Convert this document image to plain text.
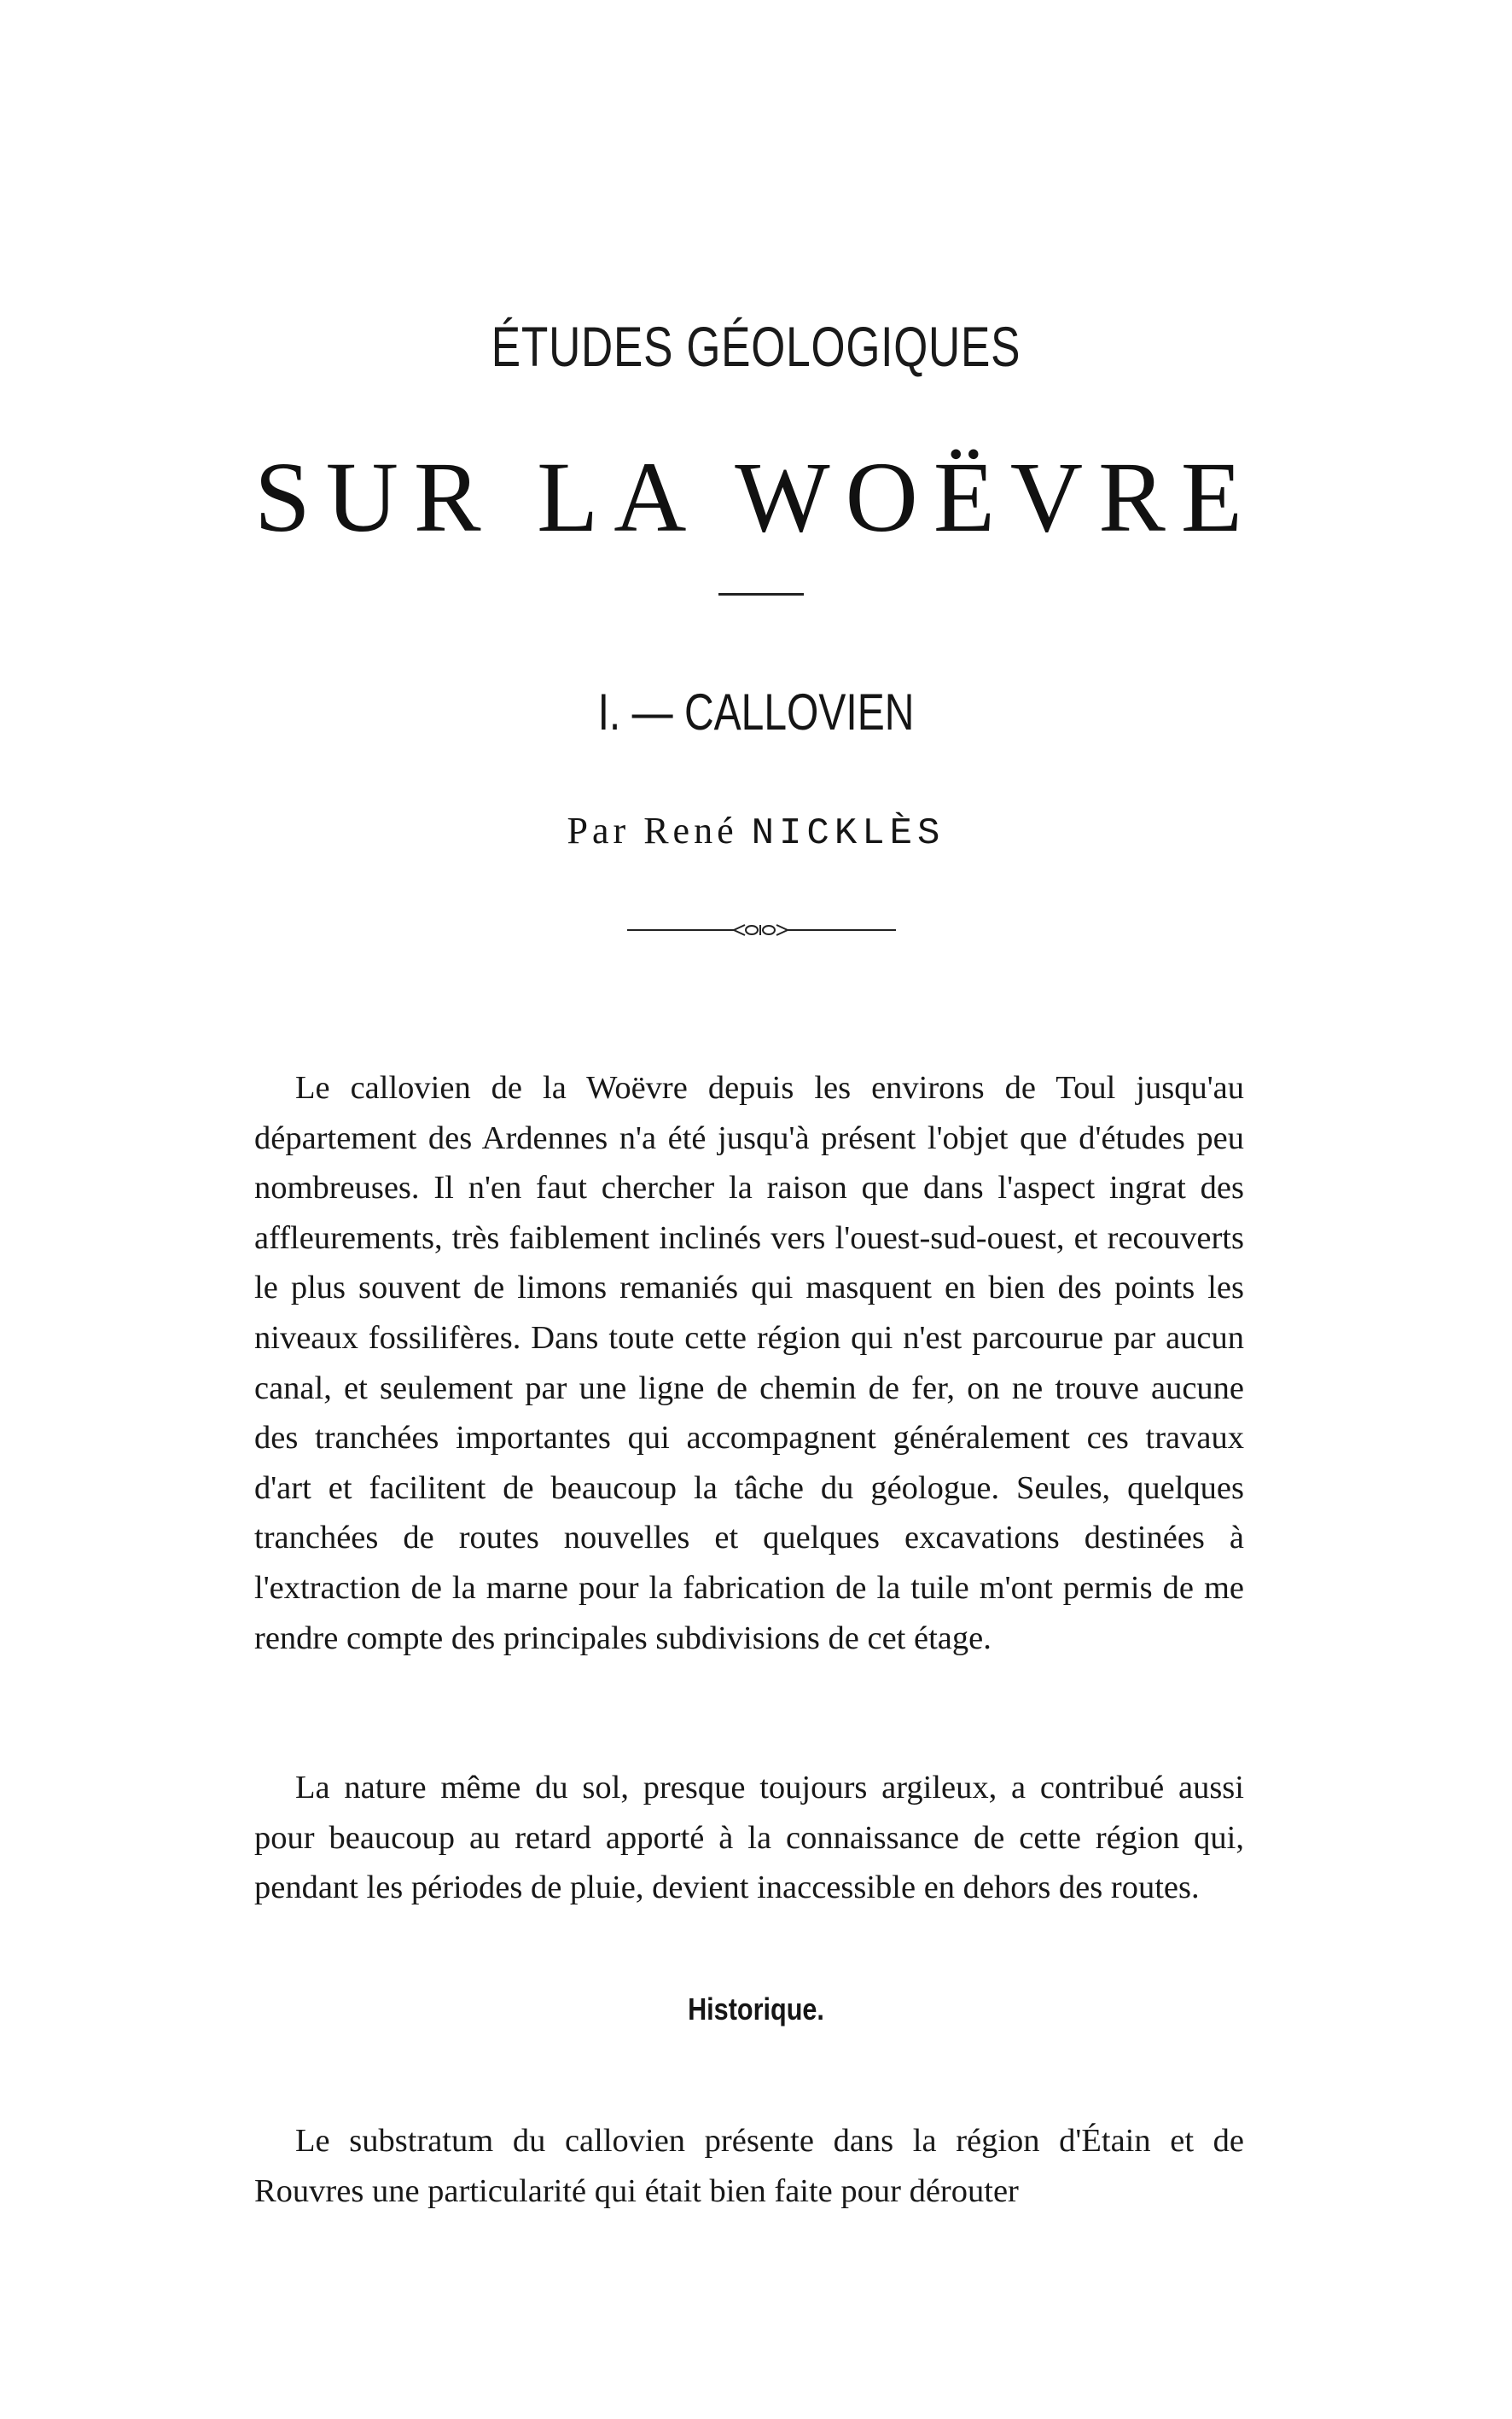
ÉTUDES GÉOLOGIQUES
SUR LA WOËVRE
I. — CALLOVIEN
Par René NICKLÈS

Le callovien de la Woëvre depuis les environs de Toul jusqu'au département des Ardennes n'a été jusqu'à présent l'objet que d'études peu nombreuses. Il n'en faut chercher la raison que dans l'aspect ingrat des affleurements, très faiblement inclinés vers l'ouest-sud-ouest, et recouverts le plus souvent de limons remaniés qui masquent en bien des points les niveaux fossilifères. Dans toute cette région qui n'est parcourue par aucun canal, et seulement par une ligne de chemin de fer, on ne trouve aucune des tranchées importantes qui accompagnent généralement ces travaux d'art et facilitent de beaucoup la tâche du géologue. Seules, quelques tranchées de routes nouvelles et quelques excavations destinées à l'extraction de la marne pour la fabrication de la tuile m'ont permis de me rendre compte des principales subdivisions de cet étage.

La nature même du sol, presque toujours argileux, a contribué aussi pour beaucoup au retard apporté à la connaissance de cette région qui, pendant les périodes de pluie, devient inaccessible en dehors des routes.

Historique.

Le substratum du callovien présente dans la région d'Étain et de Rouvres une particularité qui était bien faite pour dérouter
